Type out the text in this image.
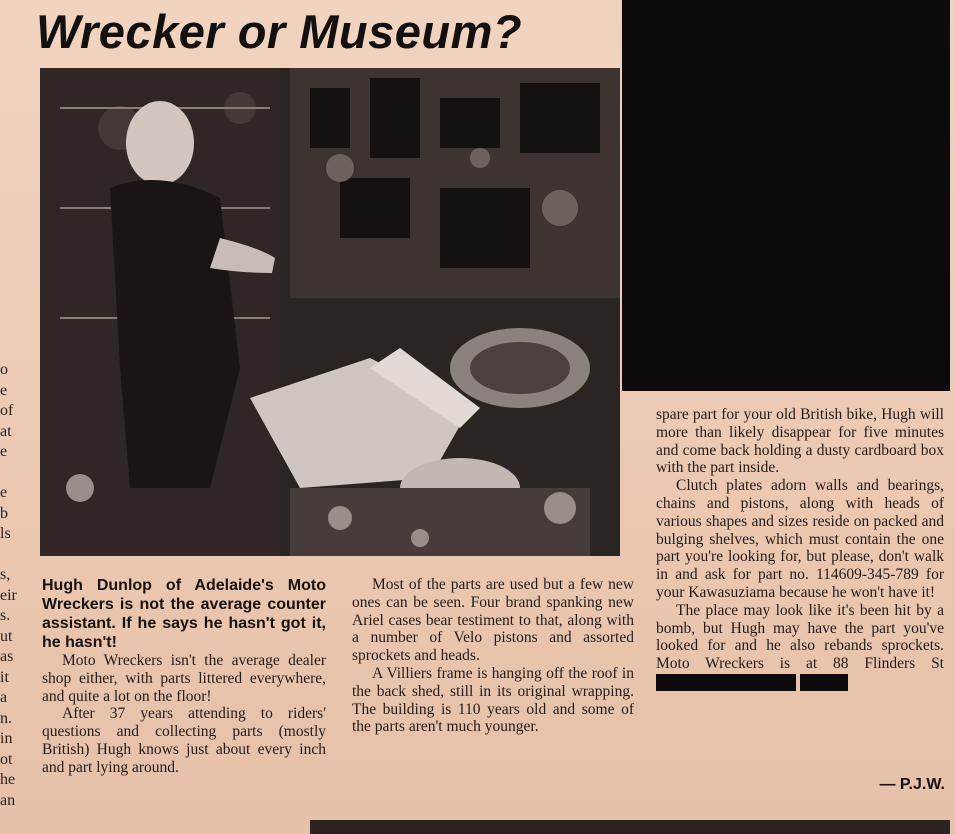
o
e
of
at
e

e
b
ls

s,
eir
s.
ut
as
it
a
n.
in
ot
he
an
Wrecker or Museum?

Hugh Dunlop of Adelaide's Moto Wreckers is not the average counter assistant. If he says he hasn't got it, he hasn't!

Moto Wreckers isn't the average dealer shop either, with parts littered everywhere, and quite a lot on the floor!

After 37 years attending to riders' questions and collecting parts (mostly British) Hugh knows just about every inch and part lying around.

Most of the parts are used but a few new ones can be seen. Four brand spanking new Ariel cases bear testiment to that, along with a number of Velo pistons and assorted sprockets and heads.

A Villiers frame is hanging off the roof in the back shed, still in its original wrapping. The building is 110 years old and some of the parts aren't much younger.

spare part for your old British bike, Hugh will more than likely disappear for five minutes and come back holding a dusty cardboard box with the part inside.

Clutch plates adorn walls and bearings, chains and pistons, along with heads of various shapes and sizes reside on packed and bulging shelves, which must contain the one part you're looking for, but please, don't walk in and ask for part no. 114609-345-789 for your Kawasuziama because he won't have it!

The place may look like it's been hit by a bomb, but Hugh may have the part you've looked for and he also rebands sprockets. Moto Wreckers is at 88 Flinders St

— P.J.W.
